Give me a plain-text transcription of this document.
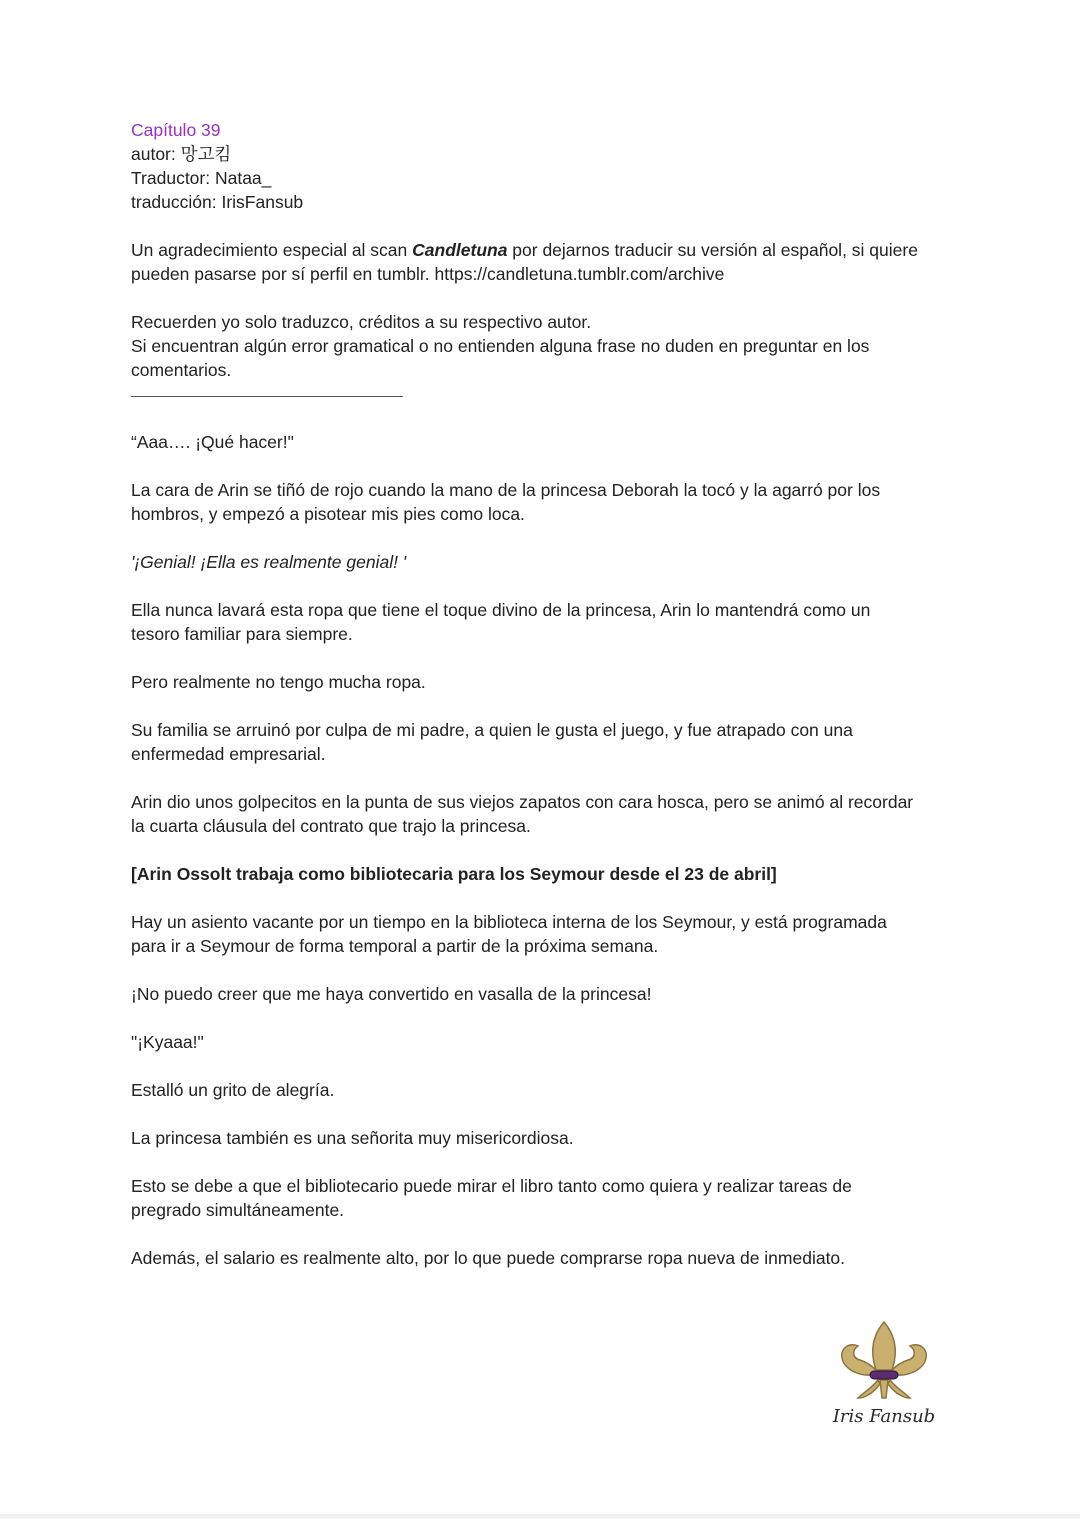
Capítulo 39
autor: 망고킴
Traductor: Nataa_
traducción: IrisFansub
Un agradecimiento especial al scan Candletuna por dejarnos traducir su versión al español, si quiere
pueden pasarse por sí perfil en tumblr. https://candletuna.tumblr.com/archive
Recuerden yo solo traduzco, créditos a su respectivo autor.
Si encuentran algún error gramatical o no entienden alguna frase no duden en preguntar en los
comentarios.
“Aaa…. ¡Qué hacer!"
La cara de Arin se tiñó de rojo cuando la mano de la princesa Deborah la tocó y la agarró por los
hombros, y empezó a pisotear mis pies como loca.
'¡Genial! ¡Ella es realmente genial! '
Ella nunca lavará esta ropa que tiene el toque divino de la princesa, Arin lo mantendrá como un
tesoro familiar para siempre.
Pero realmente no tengo mucha ropa.
Su familia se arruinó por culpa de mi padre, a quien le gusta el juego, y fue atrapado con una
enfermedad empresarial.
Arin dio unos golpecitos en la punta de sus viejos zapatos con cara hosca, pero se animó al recordar
la cuarta cláusula del contrato que trajo la princesa.
[Arin Ossolt trabaja como bibliotecaria para los Seymour desde el 23 de abril]
Hay un asiento vacante por un tiempo en la biblioteca interna de los Seymour, y está programada
para ir a Seymour de forma temporal a partir de la próxima semana.
¡No puedo creer que me haya convertido en vasalla de la princesa!
"¡Kyaaa!"
Estalló un grito de alegría.
La princesa también es una señorita muy misericordiosa.
Esto se debe a que el bibliotecario puede mirar el libro tanto como quiera y realizar tareas de
pregrado simultáneamente.
Además, el salario es realmente alto, por lo que puede comprarse ropa nueva de inmediato.
Iris Fansub
